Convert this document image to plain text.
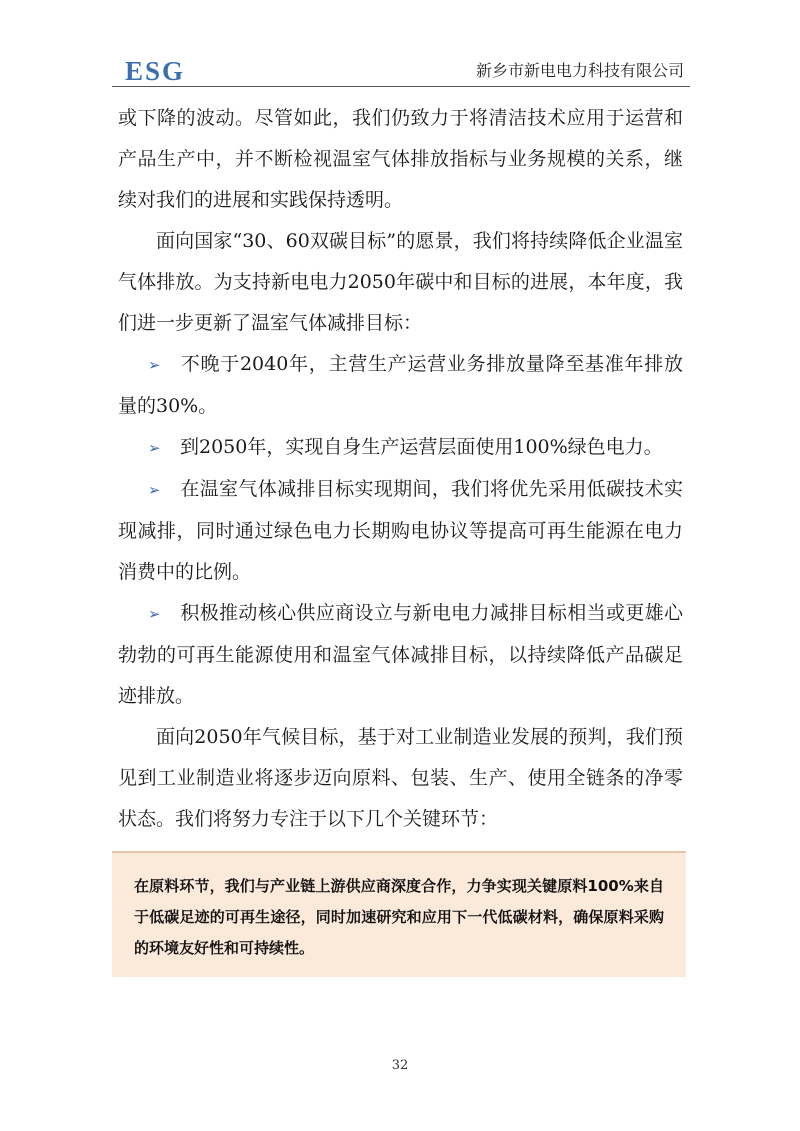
ESG	新乡市新电电力科技有限公司

或下降的波动。尽管如此，我们仍致力于将清洁技术应用于运营和产品生产中，并不断检视温室气体排放指标与业务规模的关系，继续对我们的进展和实践保持透明。

面向国家“30、60双碳目标”的愿景，我们将持续降低企业温室气体排放。为支持新电电力2050年碳中和目标的进展，本年度，我们进一步更新了温室气体减排目标：

➢ 不晚于2040年，主营生产运营业务排放量降至基准年排放量的30%。

➢ 到2050年，实现自身生产运营层面使用100%绿色电力。

➢ 在温室气体减排目标实现期间，我们将优先采用低碳技术实现减排，同时通过绿色电力长期购电协议等提高可再生能源在电力消费中的比例。

➢ 积极推动核心供应商设立与新电电力减排目标相当或更雄心勃勃的可再生能源使用和温室气体减排目标，以持续降低产品碳足迹排放。

面向2050年气候目标，基于对工业制造业发展的预判，我们预见到工业制造业将逐步迈向原料、包装、生产、使用全链条的净零状态。我们将努力专注于以下几个关键环节：

在原料环节，我们与产业链上游供应商深度合作，力争实现关键原料100%来自于低碳足迹的可再生途径，同时加速研究和应用下一代低碳材料，确保原料采购的环境友好性和可持续性。
32
